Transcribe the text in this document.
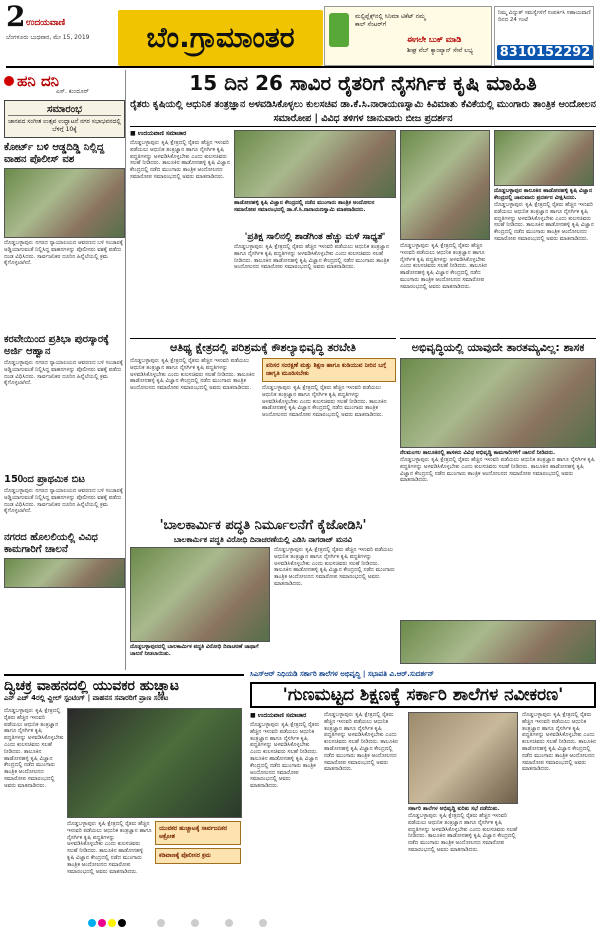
2 ಉದಯವಾಣಿ
ಬೆಂಗಳೂರು ಬುಧವಾರ, ಮೇ 15, 2019	ಬೆಂ.ಗ್ರಾಮಾಂತರ
ಮಲ್ಟಿಪ್ಲೆಕ್ಸ್‌ನಲ್ಲಿ ಸಿನಿಮಾ ಟಿಕೆಟ್ ನಮ್ಮ ಕಾಲ್ ಸೆಂಟರ್‌ಗೆ
ಈಗಲೇ ಬುಕ್ ಮಾಡಿ
ಶೀಘ್ರ ವೆಬ್ ಕ್ಯಾಂಪ್ಯಾನ್ ಸೇವೆ ಲಭ್ಯ
ನಿಮ್ಮ ವಿದ್ಯುತ್ ಸಮಸ್ಯೆಗಳಿಗೆ ಸಂಪರ್ಕಿಸಿ ಸಹಾಯವಾಣಿ ದಿನದ 24 ಗಂಟೆ
8310152292
ಹನಿ ದನಿ
ಎಸ್. ಕುಂದೂರ್
ಸಮಾರಂಭ
ಜಾನಪದ ಸಂಗೀತ ಉತ್ಸವ ಉದ್ಘಾಟನೆ ನಗರ ಸಭಾಭವನದಲ್ಲಿ ಬೆಳಿಗ್ಗೆ 10ಕ್ಕೆ
ಕೋರ್ಟ್ ಬಳಿ ಆಡ್ಡದಿಡ್ಡಿ ನಿಲ್ಲಿದ್ದ ವಾಹನ ಪೊಲೀಸ್ ವಶ
ದೊಡ್ಡಬಳ್ಳಾಪುರ: ನಗರದ ನ್ಯಾಯಾಲಯದ ಆವರಣದ ಬಳಿ ಸಂಚಾರಕ್ಕೆ ಅಡ್ಡಿಯಾಗುವಂತೆ ನಿಲ್ಲಿಸಿದ್ದ ವಾಹನಗಳನ್ನು ಪೊಲೀಸರು ವಶಕ್ಕೆ ಪಡೆದು ದಂಡ ವಿಧಿಸಿದರು. ಸಾರ್ವಜನಿಕರ ದೂರಿನ ಹಿನ್ನೆಲೆಯಲ್ಲಿ ಕ್ರಮ ಕೈಗೊಳ್ಳಲಾಗಿದೆ.
ಕರವೇಯಿಂದ ಪ್ರತಿಭಾ ಪುರಸ್ಕಾರಕ್ಕೆ ಅರ್ಜಿ ಆಹ್ವಾನ
ದೊಡ್ಡಬಳ್ಳಾಪುರ: ನಗರದ ನ್ಯಾಯಾಲಯದ ಆವರಣದ ಬಳಿ ಸಂಚಾರಕ್ಕೆ ಅಡ್ಡಿಯಾಗುವಂತೆ ನಿಲ್ಲಿಸಿದ್ದ ವಾಹನಗಳನ್ನು ಪೊಲೀಸರು ವಶಕ್ಕೆ ಪಡೆದು ದಂಡ ವಿಧಿಸಿದರು. ಸಾರ್ವಜನಿಕರ ದೂರಿನ ಹಿನ್ನೆಲೆಯಲ್ಲಿ ಕ್ರಮ ಕೈಗೊಳ್ಳಲಾಗಿದೆ.
150ಂದ ಪ್ರಾಥಮಿಕ ಬಿಟ
ದೊಡ್ಡಬಳ್ಳಾಪುರ: ನಗರದ ನ್ಯಾಯಾಲಯದ ಆವರಣದ ಬಳಿ ಸಂಚಾರಕ್ಕೆ ಅಡ್ಡಿಯಾಗುವಂತೆ ನಿಲ್ಲಿಸಿದ್ದ ವಾಹನಗಳನ್ನು ಪೊಲೀಸರು ವಶಕ್ಕೆ ಪಡೆದು ದಂಡ ವಿಧಿಸಿದರು. ಸಾರ್ವಜನಿಕರ ದೂರಿನ ಹಿನ್ನೆಲೆಯಲ್ಲಿ ಕ್ರಮ ಕೈಗೊಳ್ಳಲಾಗಿದೆ.
ನಗರದ ಹೊಲಲಿಯಲ್ಲಿ ವಿವಿಧ ಕಾಮಗಾರಿಗೆ ಚಾಲನೆ
15 ದಿನ 26 ಸಾವಿರ ರೈತರಿಗೆ ನೈಸರ್ಗಿಕ ಕೃಷಿ ಮಾಹಿತಿ
ರೈತರು ಕೃಷಿಯಲ್ಲಿ ಆಧುನಿಕ ತಂತ್ರಜ್ಞಾನ ಅಳವಡಿಸಿಕೊಳ್ಳಲು ಕುಲಸಚಿವ ಡಾ.ಕೆ.ಸಿ.ನಾರಾಯಣಸ್ವಾಮಿ ಕಿವಿಮಾತು ಕೆವಿಕೆಯಲ್ಲಿ ಮುಂಗಾರು ತಾಂತ್ರಿಕ ಆಂದೋಲನ ಸಮಾರೋಪ | ವಿವಿಧ ತಳಿಗಳ ಜಾನುವಾರು ಬೀಜ ಪ್ರದರ್ಶನ
■ ಉದಯವಾಣಿ ಸಮಾಚಾರ
ದೊಡ್ಡಬಳ್ಳಾಪುರ: ಕೃಷಿ ಕ್ಷೇತ್ರದಲ್ಲಿ ರೈತರು ಹೆಚ್ಚಿನ ಇಳುವರಿ ಪಡೆಯಲು ಆಧುನಿಕ ತಂತ್ರಜ್ಞಾನ ಹಾಗೂ ನೈಸರ್ಗಿಕ ಕೃಷಿ ಪದ್ಧತಿಗಳನ್ನು ಅಳವಡಿಸಿಕೊಳ್ಳಬೇಕು ಎಂದು ಕುಲಸಚಿವರು ಸಲಹೆ ನೀಡಿದರು. ತಾಲೂಕಿನ ಹಾಡೋನಹಳ್ಳಿ ಕೃಷಿ ವಿಜ್ಞಾನ ಕೇಂದ್ರದಲ್ಲಿ ನಡೆದ ಮುಂಗಾರು ತಾಂತ್ರಿಕ ಆಂದೋಲನದ ಸಮಾರೋಪ ಸಮಾರಂಭದಲ್ಲಿ ಅವರು ಮಾತನಾಡಿದರು.
ಹಾಡೋನಹಳ್ಳಿ ಕೃಷಿ ವಿಜ್ಞಾನ ಕೇಂದ್ರದಲ್ಲಿ ನಡೆದ ಮುಂಗಾರು ತಾಂತ್ರಿಕ ಆಂದೋಲನ ಸಮಾರೋಪ ಸಮಾರಂಭದಲ್ಲಿ ಡಾ.ಕೆ.ಸಿ.ನಾರಾಯಣಸ್ವಾಮಿ ಮಾತನಾಡಿದರು.
'ಪ್ರತಿಕ್ಷ ಸಾಲಿನಲ್ಲಿ ಶಾಡೆಗಿಂತ ಹೆಚ್ಚು ಮಳೆ ಸಾಧ್ಯತೆ'
ದೊಡ್ಡಬಳ್ಳಾಪುರ: ಕೃಷಿ ಕ್ಷೇತ್ರದಲ್ಲಿ ರೈತರು ಹೆಚ್ಚಿನ ಇಳುವರಿ ಪಡೆಯಲು ಆಧುನಿಕ ತಂತ್ರಜ್ಞಾನ ಹಾಗೂ ನೈಸರ್ಗಿಕ ಕೃಷಿ ಪದ್ಧತಿಗಳನ್ನು ಅಳವಡಿಸಿಕೊಳ್ಳಬೇಕು ಎಂದು ಕುಲಸಚಿವರು ಸಲಹೆ ನೀಡಿದರು. ತಾಲೂಕಿನ ಹಾಡೋನಹಳ್ಳಿ ಕೃಷಿ ವಿಜ್ಞಾನ ಕೇಂದ್ರದಲ್ಲಿ ನಡೆದ ಮುಂಗಾರು ತಾಂತ್ರಿಕ ಆಂದೋಲನದ ಸಮಾರೋಪ ಸಮಾರಂಭದಲ್ಲಿ ಅವರು ಮಾತನಾಡಿದರು.
ದೊಡ್ಡಬಳ್ಳಾಪುರ: ಕೃಷಿ ಕ್ಷೇತ್ರದಲ್ಲಿ ರೈತರು ಹೆಚ್ಚಿನ ಇಳುವರಿ ಪಡೆಯಲು ಆಧುನಿಕ ತಂತ್ರಜ್ಞಾನ ಹಾಗೂ ನೈಸರ್ಗಿಕ ಕೃಷಿ ಪದ್ಧತಿಗಳನ್ನು ಅಳವಡಿಸಿಕೊಳ್ಳಬೇಕು ಎಂದು ಕುಲಸಚಿವರು ಸಲಹೆ ನೀಡಿದರು. ತಾಲೂಕಿನ ಹಾಡೋನಹಳ್ಳಿ ಕೃಷಿ ವಿಜ್ಞಾನ ಕೇಂದ್ರದಲ್ಲಿ ನಡೆದ ಮುಂಗಾರು ತಾಂತ್ರಿಕ ಆಂದೋಲನದ ಸಮಾರೋಪ ಸಮಾರಂಭದಲ್ಲಿ ಅವರು ಮಾತನಾಡಿದರು.
ದೊಡ್ಡಬಳ್ಳಾಪುರ ತಾಲೂಕಿನ ಹಾಡೋನಹಳ್ಳಿ ಕೃಷಿ ವಿಜ್ಞಾನ ಕೇಂದ್ರದಲ್ಲಿ ಜಾನುವಾರು ಪ್ರದರ್ಶನ ವೀಕ್ಷಿಸಿದರು.
ದೊಡ್ಡಬಳ್ಳಾಪುರ: ಕೃಷಿ ಕ್ಷೇತ್ರದಲ್ಲಿ ರೈತರು ಹೆಚ್ಚಿನ ಇಳುವರಿ ಪಡೆಯಲು ಆಧುನಿಕ ತಂತ್ರಜ್ಞಾನ ಹಾಗೂ ನೈಸರ್ಗಿಕ ಕೃಷಿ ಪದ್ಧತಿಗಳನ್ನು ಅಳವಡಿಸಿಕೊಳ್ಳಬೇಕು ಎಂದು ಕುಲಸಚಿವರು ಸಲಹೆ ನೀಡಿದರು. ತಾಲೂಕಿನ ಹಾಡೋನಹಳ್ಳಿ ಕೃಷಿ ವಿಜ್ಞಾನ ಕೇಂದ್ರದಲ್ಲಿ ನಡೆದ ಮುಂಗಾರು ತಾಂತ್ರಿಕ ಆಂದೋಲನದ ಸಮಾರೋಪ ಸಮಾರಂಭದಲ್ಲಿ ಅವರು ಮಾತನಾಡಿದರು.
ಆತಿಥ್ಯ ಕ್ಷೇತ್ರದಲ್ಲಿ ಪರಿಶ್ರಮಕ್ಕೆ ಕೌಶಲ್ಯಾಭಿವೃದ್ಧಿ ತರಬೇತಿ
ದೊಡ್ಡಬಳ್ಳಾಪುರ: ಕೃಷಿ ಕ್ಷೇತ್ರದಲ್ಲಿ ರೈತರು ಹೆಚ್ಚಿನ ಇಳುವರಿ ಪಡೆಯಲು ಆಧುನಿಕ ತಂತ್ರಜ್ಞಾನ ಹಾಗೂ ನೈಸರ್ಗಿಕ ಕೃಷಿ ಪದ್ಧತಿಗಳನ್ನು ಅಳವಡಿಸಿಕೊಳ್ಳಬೇಕು ಎಂದು ಕುಲಸಚಿವರು ಸಲಹೆ ನೀಡಿದರು. ತಾಲೂಕಿನ ಹಾಡೋನಹಳ್ಳಿ ಕೃಷಿ ವಿಜ್ಞಾನ ಕೇಂದ್ರದಲ್ಲಿ ನಡೆದ ಮುಂಗಾರು ತಾಂತ್ರಿಕ ಆಂದೋಲನದ ಸಮಾರೋಪ ಸಮಾರಂಭದಲ್ಲಿ ಅವರು ಮಾತನಾಡಿದರು.
ಪರಿಸರ ಸಂರಕ್ಷಣೆ ಮತ್ತು ಶಿಕ್ಷಣ ಹಾಗೂ ಕುಡಿಯುವ ನೀರಿನ ಬಗ್ಗೆ ಜಾಗೃತಿ ಮೂಡಿಸಬೇಕು
ದೊಡ್ಡಬಳ್ಳಾಪುರ: ಕೃಷಿ ಕ್ಷೇತ್ರದಲ್ಲಿ ರೈತರು ಹೆಚ್ಚಿನ ಇಳುವರಿ ಪಡೆಯಲು ಆಧುನಿಕ ತಂತ್ರಜ್ಞಾನ ಹಾಗೂ ನೈಸರ್ಗಿಕ ಕೃಷಿ ಪದ್ಧತಿಗಳನ್ನು ಅಳವಡಿಸಿಕೊಳ್ಳಬೇಕು ಎಂದು ಕುಲಸಚಿವರು ಸಲಹೆ ನೀಡಿದರು. ತಾಲೂಕಿನ ಹಾಡೋನಹಳ್ಳಿ ಕೃಷಿ ವಿಜ್ಞಾನ ಕೇಂದ್ರದಲ್ಲಿ ನಡೆದ ಮುಂಗಾರು ತಾಂತ್ರಿಕ ಆಂದೋಲನದ ಸಮಾರೋಪ ಸಮಾರಂಭದಲ್ಲಿ ಅವರು ಮಾತನಾಡಿದರು.
ಅಭಿವೃದ್ಧಿಯಲ್ಲಿ ಯಾವುದೇ ತಾರತಮ್ಯವಿಲ್ಲ: ಶಾಸಕ
ನೆಲಮಂಗಲ ತಾಲೂಕಿನಲ್ಲಿ ಶಾಸಕರು ವಿವಿಧ ಅಭಿವೃದ್ಧಿ ಕಾಮಗಾರಿಗಳಿಗೆ ಚಾಲನೆ ನೀಡಿದರು.
ದೊಡ್ಡಬಳ್ಳಾಪುರ: ಕೃಷಿ ಕ್ಷೇತ್ರದಲ್ಲಿ ರೈತರು ಹೆಚ್ಚಿನ ಇಳುವರಿ ಪಡೆಯಲು ಆಧುನಿಕ ತಂತ್ರಜ್ಞಾನ ಹಾಗೂ ನೈಸರ್ಗಿಕ ಕೃಷಿ ಪದ್ಧತಿಗಳನ್ನು ಅಳವಡಿಸಿಕೊಳ್ಳಬೇಕು ಎಂದು ಕುಲಸಚಿವರು ಸಲಹೆ ನೀಡಿದರು. ತಾಲೂಕಿನ ಹಾಡೋನಹಳ್ಳಿ ಕೃಷಿ ವಿಜ್ಞಾನ ಕೇಂದ್ರದಲ್ಲಿ ನಡೆದ ಮುಂಗಾರು ತಾಂತ್ರಿಕ ಆಂದೋಲನದ ಸಮಾರೋಪ ಸಮಾರಂಭದಲ್ಲಿ ಅವರು ಮಾತನಾಡಿದರು.
'ಬಾಲಕಾರ್ಮಿಕ ಪದ್ಧತಿ ನಿರ್ಮೂಲನೆಗೆ ಕೈಜೋಡಿಸಿ'
ಬಾಲಕಾರ್ಮಿಕ ಪದ್ಧತಿ ವಿರೋಧಿ ದಿನಾಚರಣೆಯಲ್ಲಿ ಎಡಿಸಿ ನಾಗರಾಜ್ ಮನವಿ
ದೊಡ್ಡಬಳ್ಳಾಪುರ: ಕೃಷಿ ಕ್ಷೇತ್ರದಲ್ಲಿ ರೈತರು ಹೆಚ್ಚಿನ ಇಳುವರಿ ಪಡೆಯಲು ಆಧುನಿಕ ತಂತ್ರಜ್ಞಾನ ಹಾಗೂ ನೈಸರ್ಗಿಕ ಕೃಷಿ ಪದ್ಧತಿಗಳನ್ನು ಅಳವಡಿಸಿಕೊಳ್ಳಬೇಕು ಎಂದು ಕುಲಸಚಿವರು ಸಲಹೆ ನೀಡಿದರು. ತಾಲೂಕಿನ ಹಾಡೋನಹಳ್ಳಿ ಕೃಷಿ ವಿಜ್ಞಾನ ಕೇಂದ್ರದಲ್ಲಿ ನಡೆದ ಮುಂಗಾರು ತಾಂತ್ರಿಕ ಆಂದೋಲನದ ಸಮಾರೋಪ ಸಮಾರಂಭದಲ್ಲಿ ಅವರು ಮಾತನಾಡಿದರು.
ದೊಡ್ಡಬಳ್ಳಾಪುರದಲ್ಲಿ ಬಾಲಕಾರ್ಮಿಕ ಪದ್ಧತಿ ವಿರೋಧಿ ದಿನಾಚರಣೆ ಜಾಥಾಗೆ ಚಾಲನೆ ನೀಡಲಾಯಿತು.
ದ್ವಿಚಕ್ರ ವಾಹನದಲ್ಲಿ ಯುವಕರ ಹುಚ್ಚಾಟ
ಎನ್ ಎಚ್ 4ರಲ್ಲಿ ವ್ಹೀಲ್ ಸ್ಟಂಟಿಂಗ್ | ವಾಹನಸ ಸವಾರರಿಗೆ ಪ್ರಾಣ ಸಂಕಟ
ದೊಡ್ಡಬಳ್ಳಾಪುರ: ಕೃಷಿ ಕ್ಷೇತ್ರದಲ್ಲಿ ರೈತರು ಹೆಚ್ಚಿನ ಇಳುವರಿ ಪಡೆಯಲು ಆಧುನಿಕ ತಂತ್ರಜ್ಞಾನ ಹಾಗೂ ನೈಸರ್ಗಿಕ ಕೃಷಿ ಪದ್ಧತಿಗಳನ್ನು ಅಳವಡಿಸಿಕೊಳ್ಳಬೇಕು ಎಂದು ಕುಲಸಚಿವರು ಸಲಹೆ ನೀಡಿದರು. ತಾಲೂಕಿನ ಹಾಡೋನಹಳ್ಳಿ ಕೃಷಿ ವಿಜ್ಞಾನ ಕೇಂದ್ರದಲ್ಲಿ ನಡೆದ ಮುಂಗಾರು ತಾಂತ್ರಿಕ ಆಂದೋಲನದ ಸಮಾರೋಪ ಸಮಾರಂಭದಲ್ಲಿ ಅವರು ಮಾತನಾಡಿದರು.
ದೊಡ್ಡಬಳ್ಳಾಪುರ: ಕೃಷಿ ಕ್ಷೇತ್ರದಲ್ಲಿ ರೈತರು ಹೆಚ್ಚಿನ ಇಳುವರಿ ಪಡೆಯಲು ಆಧುನಿಕ ತಂತ್ರಜ್ಞಾನ ಹಾಗೂ ನೈಸರ್ಗಿಕ ಕೃಷಿ ಪದ್ಧತಿಗಳನ್ನು ಅಳವಡಿಸಿಕೊಳ್ಳಬೇಕು ಎಂದು ಕುಲಸಚಿವರು ಸಲಹೆ ನೀಡಿದರು. ತಾಲೂಕಿನ ಹಾಡೋನಹಳ್ಳಿ ಕೃಷಿ ವಿಜ್ಞಾನ ಕೇಂದ್ರದಲ್ಲಿ ನಡೆದ ಮುಂಗಾರು ತಾಂತ್ರಿಕ ಆಂದೋಲನದ ಸಮಾರೋಪ ಸಮಾರಂಭದಲ್ಲಿ ಅವರು ಮಾತನಾಡಿದರು.
ಯುವಕರ ಹುಚ್ಚಾಟಕ್ಕೆ ಸಾರ್ವಜನಿಕರ ಆಕ್ರೋಶ
ಕಡಿವಾಣಕ್ಕೆ ಪೊಲೀಸರ ಕ್ರಮ
ಸಿಎಸ್ಆರ್ ನಿಧಿಯಡಿ ಸರ್ಕಾರಿ ಶಾಲೆಗಳ ಅಭಿವೃದ್ಧಿ | ಸಭಾಪತಿ ವಿ.ಆರ್.ಸುದರ್ಶನ್
'ಗುಣಮಟ್ಟದ ಶಿಕ್ಷಣಕ್ಕೆ ಸರ್ಕಾರಿ ಶಾಲೆಗಳ ನವೀಕರಣ'
■ ಉದಯವಾಣಿ ಸಮಾಚಾರ
ದೊಡ್ಡಬಳ್ಳಾಪುರ: ಕೃಷಿ ಕ್ಷೇತ್ರದಲ್ಲಿ ರೈತರು ಹೆಚ್ಚಿನ ಇಳುವರಿ ಪಡೆಯಲು ಆಧುನಿಕ ತಂತ್ರಜ್ಞಾನ ಹಾಗೂ ನೈಸರ್ಗಿಕ ಕೃಷಿ ಪದ್ಧತಿಗಳನ್ನು ಅಳವಡಿಸಿಕೊಳ್ಳಬೇಕು ಎಂದು ಕುಲಸಚಿವರು ಸಲಹೆ ನೀಡಿದರು. ತಾಲೂಕಿನ ಹಾಡೋನಹಳ್ಳಿ ಕೃಷಿ ವಿಜ್ಞಾನ ಕೇಂದ್ರದಲ್ಲಿ ನಡೆದ ಮುಂಗಾರು ತಾಂತ್ರಿಕ ಆಂದೋಲನದ ಸಮಾರೋಪ ಸಮಾರಂಭದಲ್ಲಿ ಅವರು ಮಾತನಾಡಿದರು.
ದೊಡ್ಡಬಳ್ಳಾಪುರ: ಕೃಷಿ ಕ್ಷೇತ್ರದಲ್ಲಿ ರೈತರು ಹೆಚ್ಚಿನ ಇಳುವರಿ ಪಡೆಯಲು ಆಧುನಿಕ ತಂತ್ರಜ್ಞಾನ ಹಾಗೂ ನೈಸರ್ಗಿಕ ಕೃಷಿ ಪದ್ಧತಿಗಳನ್ನು ಅಳವಡಿಸಿಕೊಳ್ಳಬೇಕು ಎಂದು ಕುಲಸಚಿವರು ಸಲಹೆ ನೀಡಿದರು. ತಾಲೂಕಿನ ಹಾಡೋನಹಳ್ಳಿ ಕೃಷಿ ವಿಜ್ಞಾನ ಕೇಂದ್ರದಲ್ಲಿ ನಡೆದ ಮುಂಗಾರು ತಾಂತ್ರಿಕ ಆಂದೋಲನದ ಸಮಾರೋಪ ಸಮಾರಂಭದಲ್ಲಿ ಅವರು ಮಾತನಾಡಿದರು.
ಸರ್ಕಾರಿ ಶಾಲೆಗಳ ಅಭಿವೃದ್ಧಿ ಕುರಿತು ಸಭೆ ನಡೆಯಿತು.
ದೊಡ್ಡಬಳ್ಳಾಪುರ: ಕೃಷಿ ಕ್ಷೇತ್ರದಲ್ಲಿ ರೈತರು ಹೆಚ್ಚಿನ ಇಳುವರಿ ಪಡೆಯಲು ಆಧುನಿಕ ತಂತ್ರಜ್ಞಾನ ಹಾಗೂ ನೈಸರ್ಗಿಕ ಕೃಷಿ ಪದ್ಧತಿಗಳನ್ನು ಅಳವಡಿಸಿಕೊಳ್ಳಬೇಕು ಎಂದು ಕುಲಸಚಿವರು ಸಲಹೆ ನೀಡಿದರು. ತಾಲೂಕಿನ ಹಾಡೋನಹಳ್ಳಿ ಕೃಷಿ ವಿಜ್ಞಾನ ಕೇಂದ್ರದಲ್ಲಿ ನಡೆದ ಮುಂಗಾರು ತಾಂತ್ರಿಕ ಆಂದೋಲನದ ಸಮಾರೋಪ ಸಮಾರಂಭದಲ್ಲಿ ಅವರು ಮಾತನಾಡಿದರು.
ದೊಡ್ಡಬಳ್ಳಾಪುರ: ಕೃಷಿ ಕ್ಷೇತ್ರದಲ್ಲಿ ರೈತರು ಹೆಚ್ಚಿನ ಇಳುವರಿ ಪಡೆಯಲು ಆಧುನಿಕ ತಂತ್ರಜ್ಞಾನ ಹಾಗೂ ನೈಸರ್ಗಿಕ ಕೃಷಿ ಪದ್ಧತಿಗಳನ್ನು ಅಳವಡಿಸಿಕೊಳ್ಳಬೇಕು ಎಂದು ಕುಲಸಚಿವರು ಸಲಹೆ ನೀಡಿದರು. ತಾಲೂಕಿನ ಹಾಡೋನಹಳ್ಳಿ ಕೃಷಿ ವಿಜ್ಞಾನ ಕೇಂದ್ರದಲ್ಲಿ ನಡೆದ ಮುಂಗಾರು ತಾಂತ್ರಿಕ ಆಂದೋಲನದ ಸಮಾರೋಪ ಸಮಾರಂಭದಲ್ಲಿ ಅವರು ಮಾತನಾಡಿದರು.
